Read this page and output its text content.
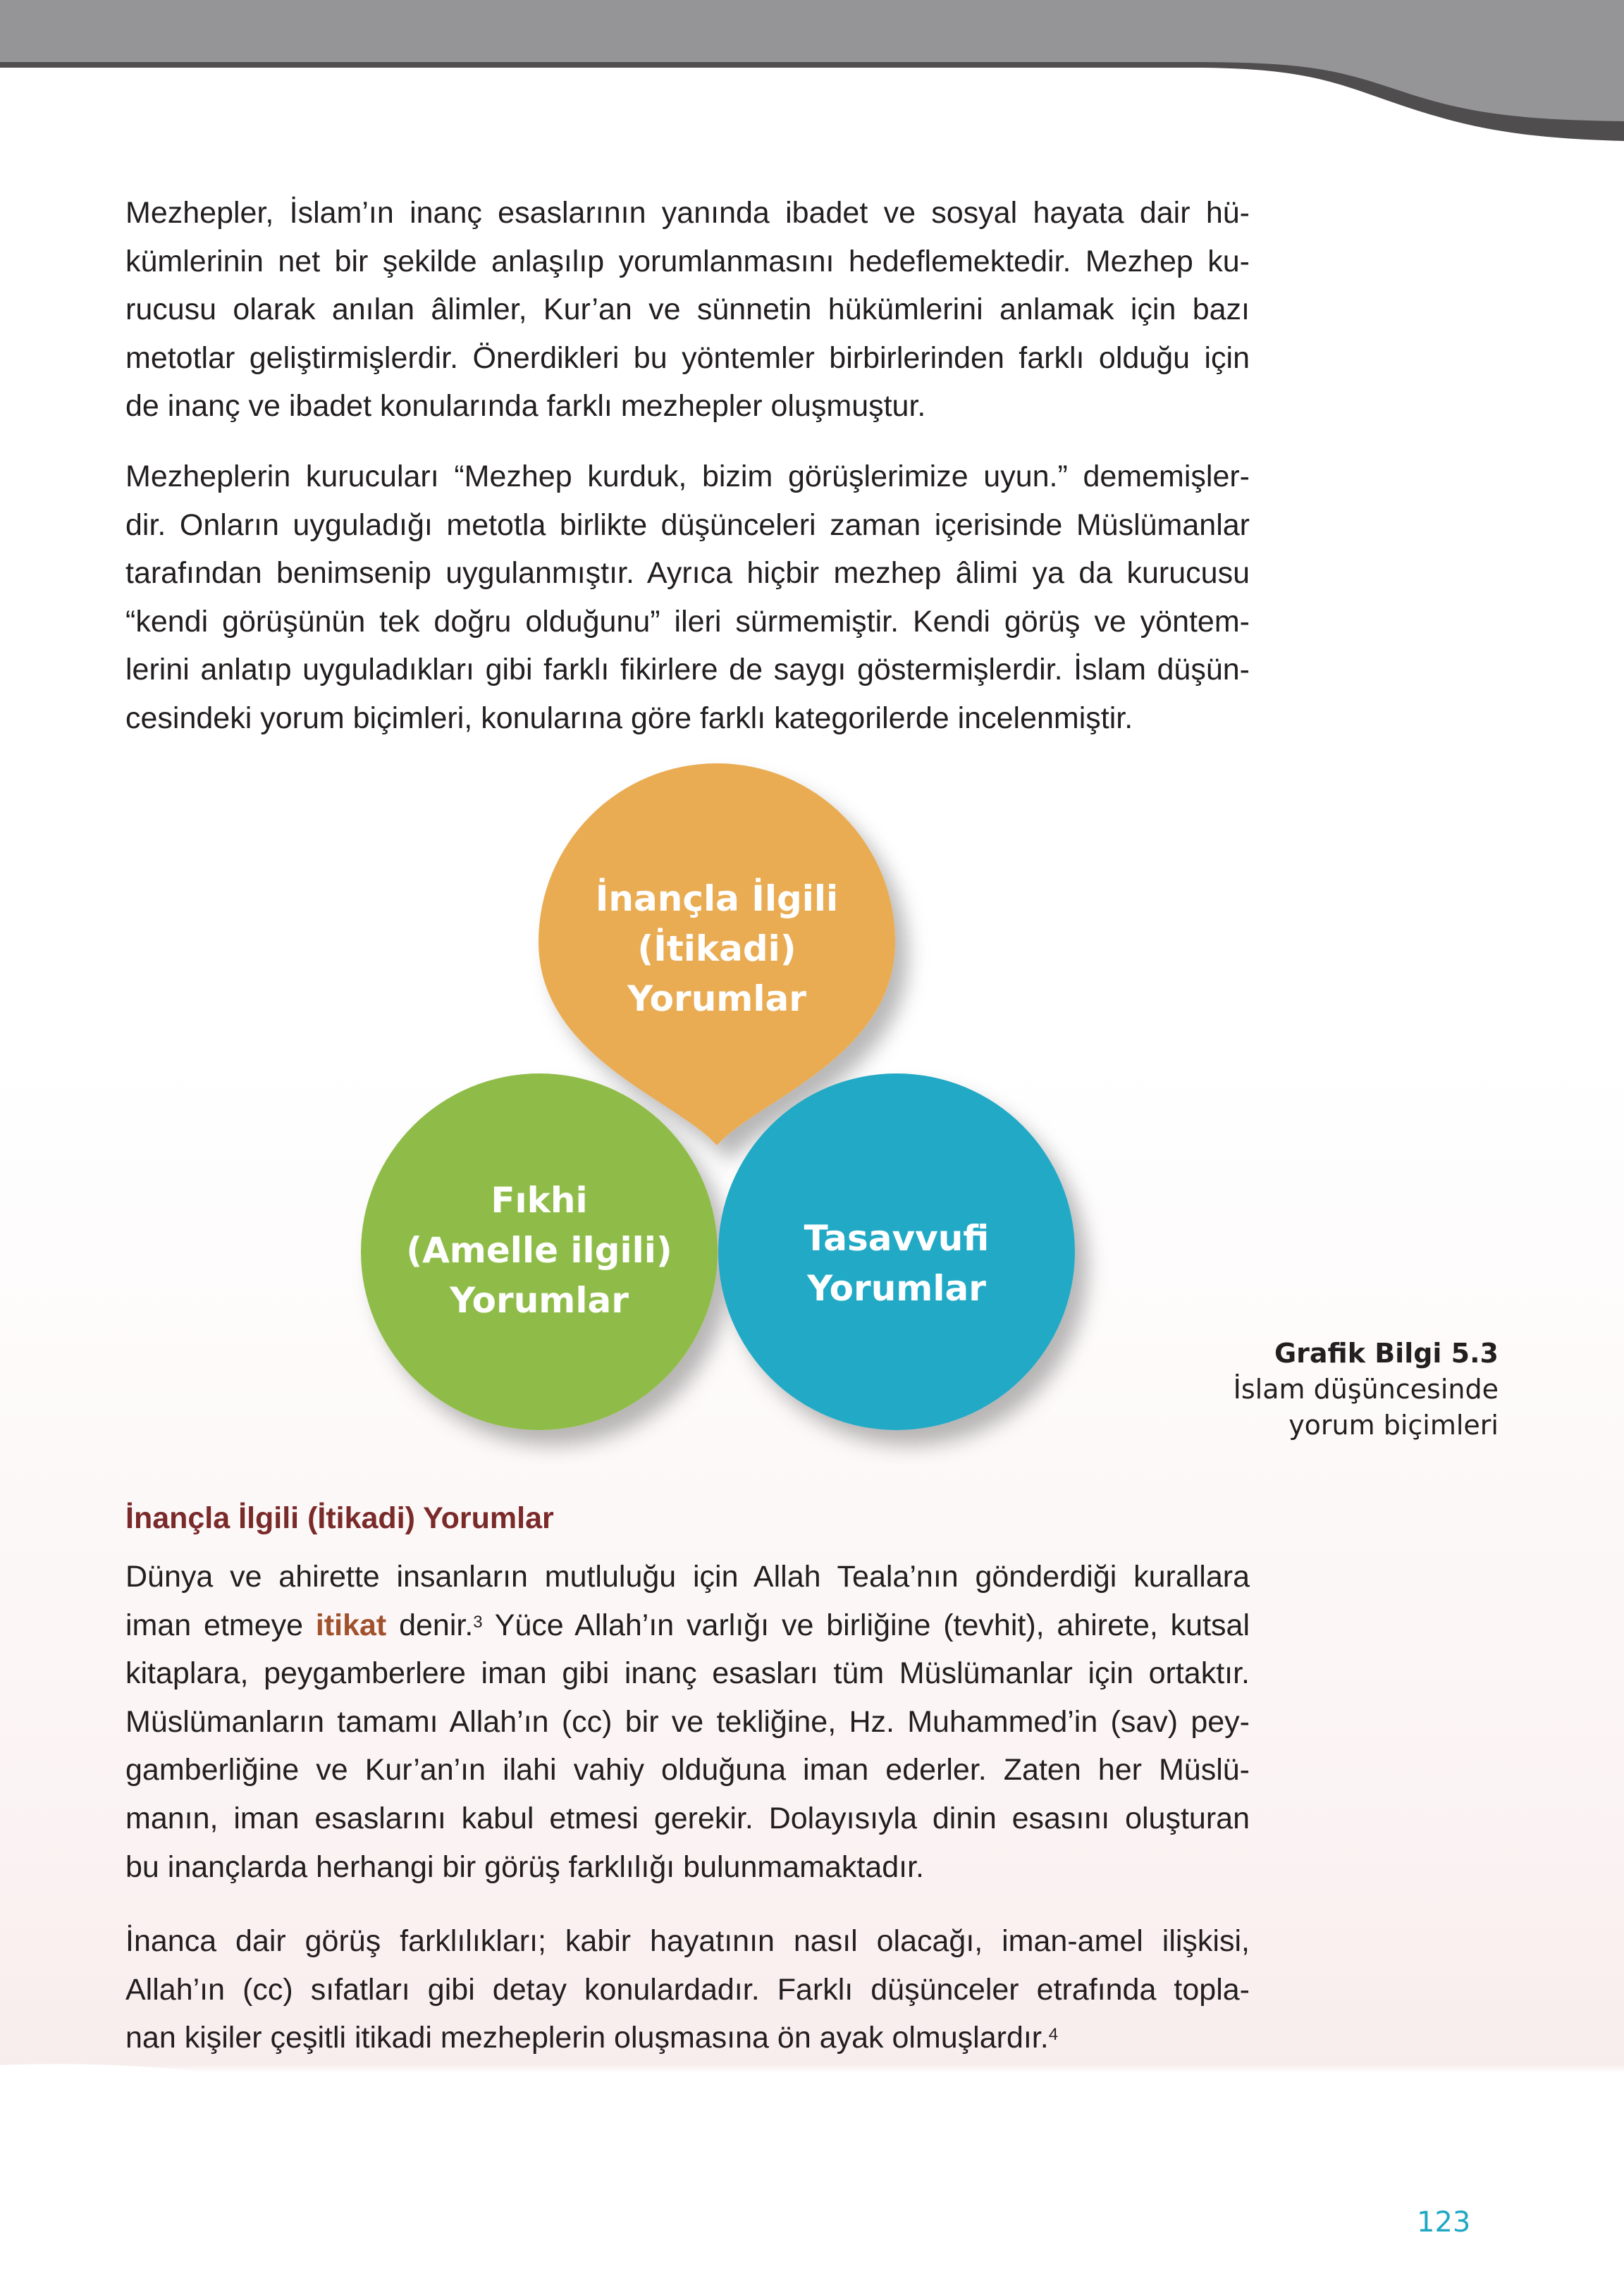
Mezhepler, İslam’ın inanç esaslarının yanında ibadet ve sosyal hayata dair hü-
kümlerinin net bir şekilde anlaşılıp yorumlanmasını hedeflemektedir. Mezhep ku-
rucusu olarak anılan âlimler, Kur’an ve sünnetin hükümlerini anlamak için bazı
metotlar geliştirmişlerdir. Önerdikleri bu yöntemler birbirlerinden farklı olduğu için
de inanç ve ibadet konularında farklı mezhepler oluşmuştur.
Mezheplerin kurucuları “Mezhep kurduk, bizim görüşlerimize uyun.” dememişler-
dir. Onların uyguladığı metotla birlikte düşünceleri zaman içerisinde Müslümanlar
tarafından benimsenip uygulanmıştır. Ayrıca hiçbir mezhep âlimi ya da kurucusu
“kendi görüşünün tek doğru olduğunu” ileri sürmemiştir. Kendi görüş ve yöntem-
lerini anlatıp uyguladıkları gibi farklı fikirlere de saygı göstermişlerdir. İslam düşün-
cesindeki yorum biçimleri, konularına göre farklı kategorilerde incelenmiştir.
İnançla İlgili
(İtikadi)
Yorumlar
Fıkhi
(Amelle ilgili)
Yorumlar
Tasavvufi
Yorumlar
Grafik Bilgi 5.3
İslam düşüncesinde
yorum biçimleri
İnançla İlgili (İtikadi) Yorumlar
Dünya ve ahirette insanların mutluluğu için Allah Teala’nın gönderdiği kurallara
iman etmeye itikat denir.$^3$ Yüce Allah’ın varlığı ve birliğine (tevhit), ahirete, kutsal
kitaplara, peygamberlere iman gibi inanç esasları tüm Müslümanlar için ortaktır.
Müslümanların tamamı Allah’ın (cc) bir ve tekliğine, Hz. Muhammed’in (sav) pey-
gamberliğine ve Kur’an’ın ilahi vahiy olduğuna iman ederler. Zaten her Müslü-
manın, iman esaslarını kabul etmesi gerekir. Dolayısıyla dinin esasını oluşturan
bu inançlarda herhangi bir görüş farklılığı bulunmamaktadır.
İnanca dair görüş farklılıkları; kabir hayatının nasıl olacağı, iman-amel ilişkisi,
Allah’ın (cc) sıfatları gibi detay konulardadır. Farklı düşünceler etrafında topla-
nan kişiler çeşitli itikadi mezheplerin oluşmasına ön ayak olmuşlardır.$^4$
123
